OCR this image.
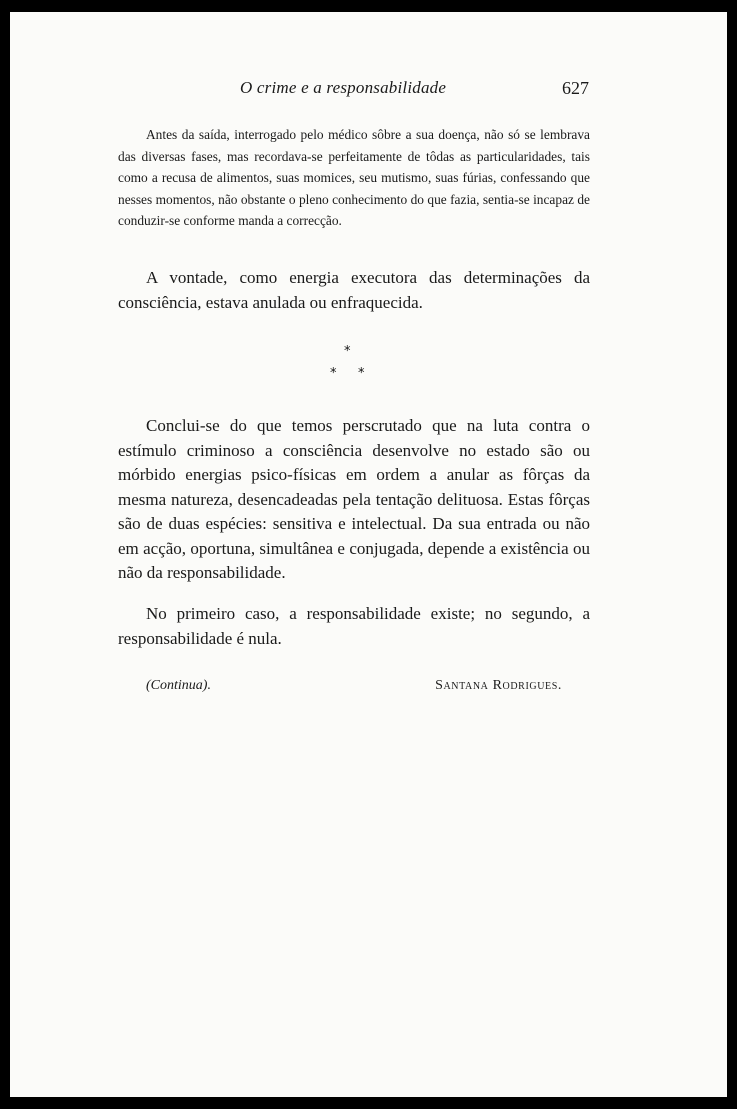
O crime e a responsabilidade	627

Antes da saída, interrogado pelo médico sôbre a sua doença, não só se lembrava das diversas fases, mas recordava-se perfeitamente de tôdas as particularidades, tais como a recusa de alimentos, suas momices, seu mutismo, suas fúrias, confessando que nesses momentos, não obstante o pleno conhecimento do que fazia, sentia-se incapaz de conduzir-se conforme manda a correcção.

A vontade, como energia executora das determinações da consciência, estava anulada ou enfraquecida.

*
* *

Conclui-se do que temos perscrutado que na luta contra o estímulo criminoso a consciência desenvolve no estado são ou mórbido energias psico-físicas em ordem a anular as fôrças da mesma natureza, desencadeadas pela tentação delituosa. Estas fôrças são de duas espécies: sensitiva e intelectual. Da sua entrada ou não em acção, oportuna, simultânea e conjugada, depende a existência ou não da responsabilidade.

No primeiro caso, a responsabilidade existe; no segundo, a responsabilidade é nula.

(Continua).	Santana Rodrigues.
